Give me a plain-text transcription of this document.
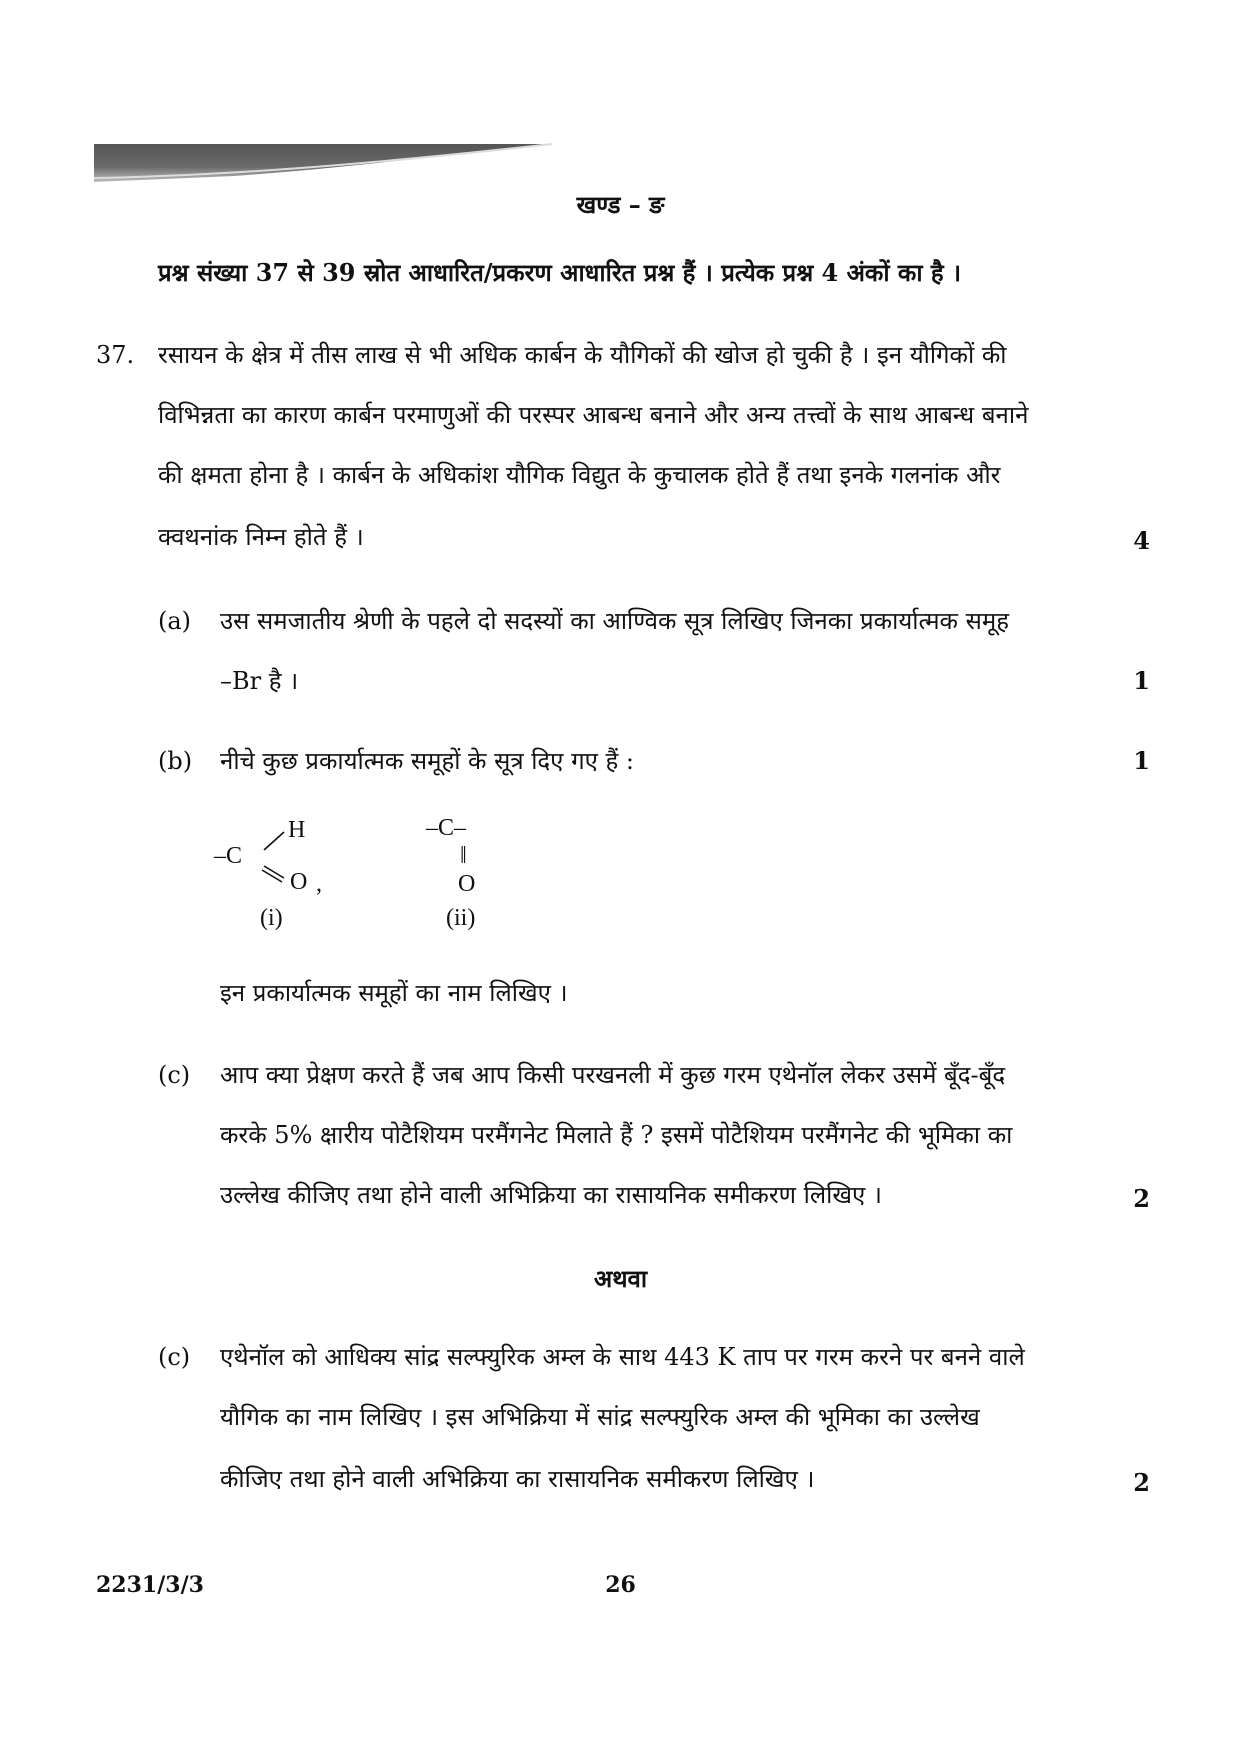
खण्ड – ङ
प्रश्न संख्या 37 से 39 स्रोत आधारित/प्रकरण आधारित प्रश्न हैं । प्रत्येक प्रश्न 4 अंकों का है ।
37. रसायन के क्षेत्र में तीस लाख से भी अधिक कार्बन के यौगिकों की खोज हो चुकी है । इन यौगिकों की
विभिन्नता का कारण कार्बन परमाणुओं की परस्पर आबन्ध बनाने और अन्य तत्त्वों के साथ आबन्ध बनाने
की क्षमता होना है । कार्बन के अधिकांश यौगिक विद्युत के कुचालक होते हैं तथा इनके गलनांक और
क्वथनांक निम्न होते हैं ।	4
(a) उस समजातीय श्रेणी के पहले दो सदस्यों का आण्विक सूत्र लिखिए जिनका प्रकार्यात्मक समूह
–Br है ।	1
(b) नीचे कुछ प्रकार्यात्मक समूहों के सूत्र दिए गए हैं :	1
–C
H
O ,
(i)
–C–
‖
O
(ii)
इन प्रकार्यात्मक समूहों का नाम लिखिए ।
(c) आप क्या प्रेक्षण करते हैं जब आप किसी परखनली में कुछ गरम एथेनॉल लेकर उसमें बूँद-बूँद
करके 5% क्षारीय पोटैशियम परमैंगनेट मिलाते हैं ? इसमें पोटैशियम परमैंगनेट की भूमिका का
उल्लेख कीजिए तथा होने वाली अभिक्रिया का रासायनिक समीकरण लिखिए ।	2
अथवा
(c) एथेनॉल को आधिक्य सांद्र सल्फ्युरिक अम्ल के साथ 443 K ताप पर गरम करने पर बनने वाले
यौगिक का नाम लिखिए । इस अभिक्रिया में सांद्र सल्फ्युरिक अम्ल की भूमिका का उल्लेख
कीजिए तथा होने वाली अभिक्रिया का रासायनिक समीकरण लिखिए ।	2
2231/3/3	26
